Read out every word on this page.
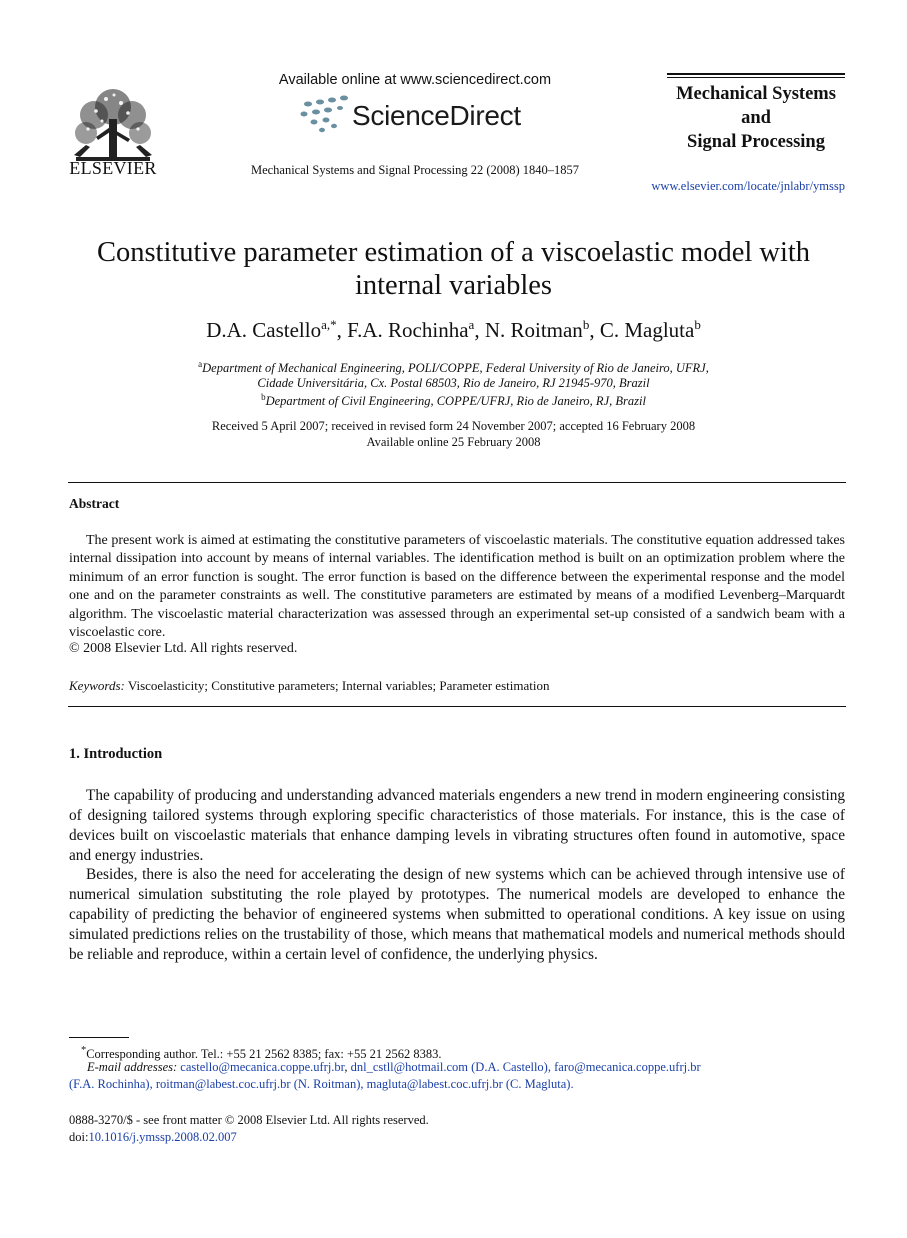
ELSEVIER
Available online at www.sciencedirect.com
ScienceDirect
Mechanical Systems and Signal Processing 22 (2008) 1840–1857
Mechanical Systems
and
Signal Processing
www.elsevier.com/locate/jnlabr/ymssp
Constitutive parameter estimation of a viscoelastic model with
internal variables
D.A. Castello$^{a,*}$, F.A. Rochinha$^a$, N. Roitman$^b$, C. Magluta$^b$
$^a$Department of Mechanical Engineering, POLI/COPPE, Federal University of Rio de Janeiro, UFRJ,
Cidade Universitária, Cx. Postal 68503, Rio de Janeiro, RJ 21945-970, Brazil
$^b$Department of Civil Engineering, COPPE/UFRJ, Rio de Janeiro, RJ, Brazil
Received 5 April 2007; received in revised form 24 November 2007; accepted 16 February 2008
Available online 25 February 2008
Abstract
The present work is aimed at estimating the constitutive parameters of viscoelastic materials. The constitutive equation addressed takes internal dissipation into account by means of internal variables. The identification method is built on an optimization problem where the minimum of an error function is sought. The error function is based on the difference between the experimental response and the model one and on the parameter constraints as well. The constitutive parameters are estimated by means of a modified Levenberg–Marquardt algorithm. The viscoelastic material characterization was assessed through an experimental set-up consisted of a sandwich beam with a viscoelastic core.
© 2008 Elsevier Ltd. All rights reserved.
Keywords: Viscoelasticity; Constitutive parameters; Internal variables; Parameter estimation
1. Introduction
The capability of producing and understanding advanced materials engenders a new trend in modern engineering consisting of designing tailored systems through exploring specific characteristics of those materials. For instance, this is the case of devices built on viscoelastic materials that enhance damping levels in vibrating structures often found in automotive, space and energy industries.
Besides, there is also the need for accelerating the design of new systems which can be achieved through intensive use of numerical simulation substituting the role played by prototypes. The numerical models are developed to enhance the capability of predicting the behavior of engineered systems when submitted to operational conditions. A key issue on using simulated predictions relies on the trustability of those, which means that mathematical models and numerical methods should be reliable and reproduce, within a certain level of confidence, the underlying physics.
*Corresponding author. Tel.: +55 21 2562 8385; fax: +55 21 2562 8383.
E-mail addresses: castello@mecanica.coppe.ufrj.br, dnl_cstll@hotmail.com (D.A. Castello), faro@mecanica.coppe.ufrj.br
(F.A. Rochinha), roitman@labest.coc.ufrj.br (N. Roitman), magluta@labest.coc.ufrj.br (C. Magluta).
0888-3270/$ - see front matter © 2008 Elsevier Ltd. All rights reserved.
doi:10.1016/j.ymssp.2008.02.007
